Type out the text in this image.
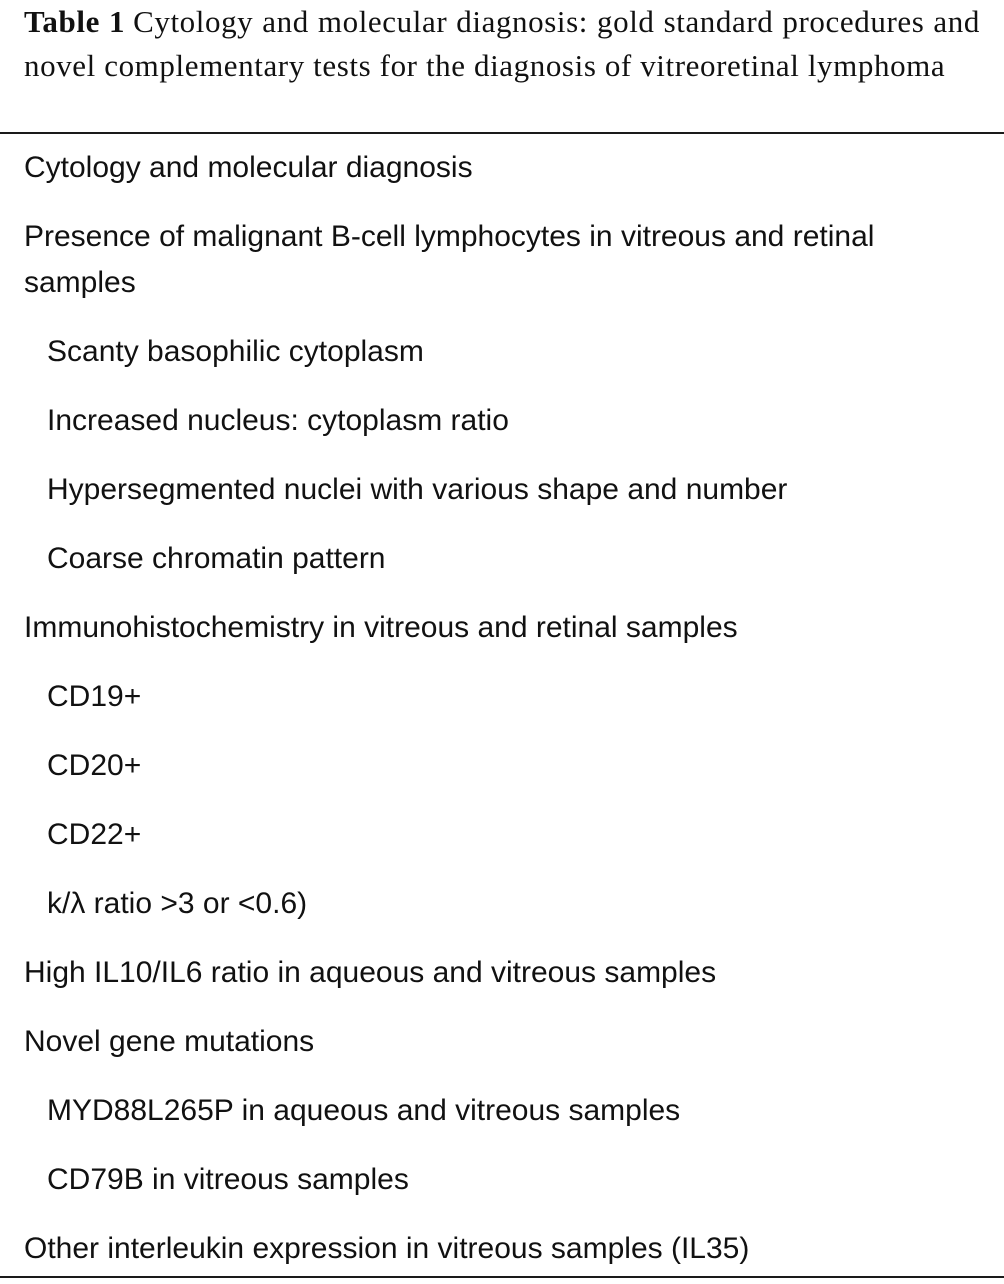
Table 1 Cytology and molecular diagnosis: gold standard procedures and novel complementary tests for the diagnosis of vitreoretinal lymphoma
Cytology and molecular diagnosis
Presence of malignant B-cell lymphocytes in vitreous and retinal samples
Scanty basophilic cytoplasm
Increased nucleus: cytoplasm ratio
Hypersegmented nuclei with various shape and number
Coarse chromatin pattern
Immunohistochemistry in vitreous and retinal samples
CD19+
CD20+
CD22+
k/λ ratio >3 or <0.6)
High IL10/IL6 ratio in aqueous and vitreous samples
Novel gene mutations
MYD88L265P in aqueous and vitreous samples
CD79B in vitreous samples
Other interleukin expression in vitreous samples (IL35)
